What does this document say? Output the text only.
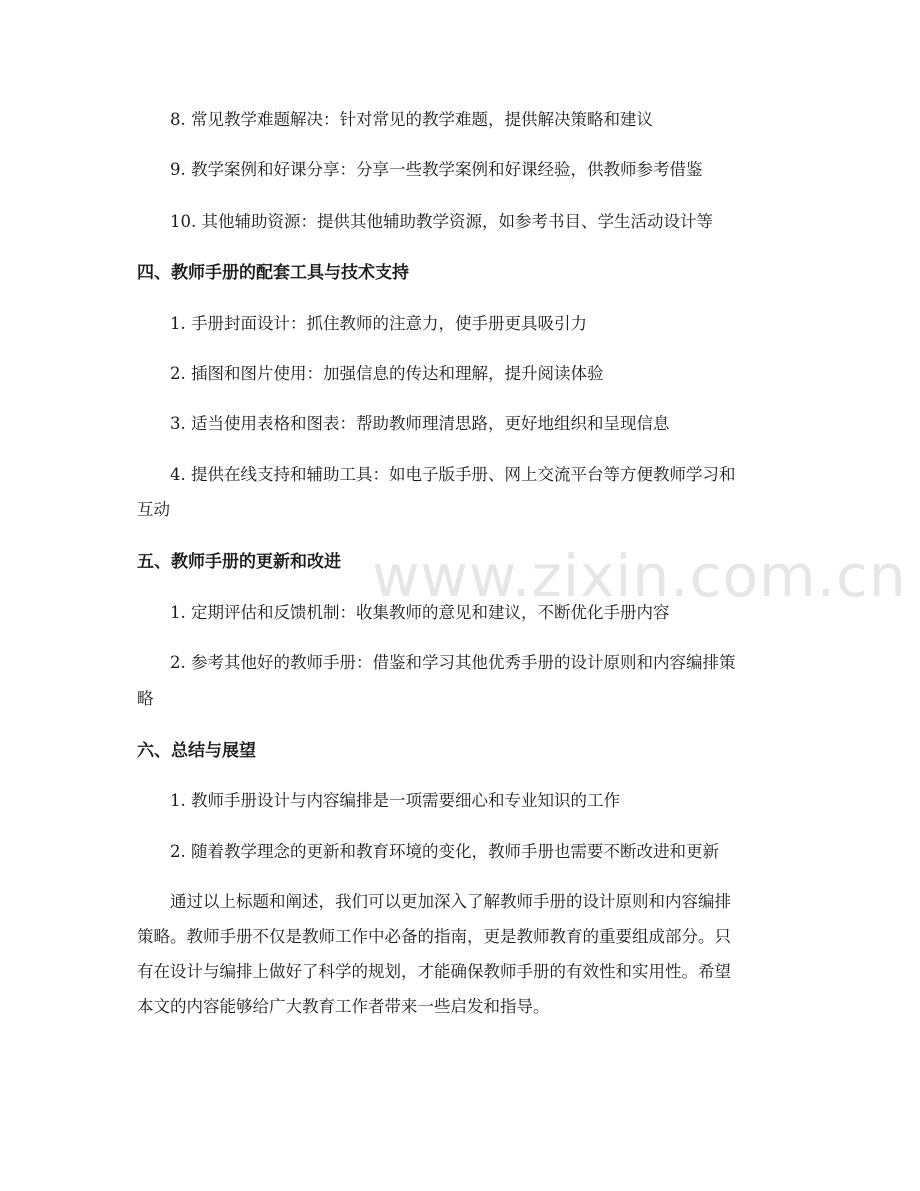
8. 常见教学难题解决：针对常见的教学难题，提供解决策略和建议
9. 教学案例和好课分享：分享一些教学案例和好课经验，供教师参考借鉴
10. 其他辅助资源：提供其他辅助教学资源，如参考书目、学生活动设计等
四、教师手册的配套工具与技术支持
1. 手册封面设计：抓住教师的注意力，使手册更具吸引力
2. 插图和图片使用：加强信息的传达和理解，提升阅读体验
3. 适当使用表格和图表：帮助教师理清思路，更好地组织和呈现信息
4. 提供在线支持和辅助工具：如电子版手册、网上交流平台等方便教师学习和
互动
五、教师手册的更新和改进
1. 定期评估和反馈机制：收集教师的意见和建议，不断优化手册内容
2. 参考其他好的教师手册：借鉴和学习其他优秀手册的设计原则和内容编排策
略
六、总结与展望
1. 教师手册设计与内容编排是一项需要细心和专业知识的工作
2. 随着教学理念的更新和教育环境的变化，教师手册也需要不断改进和更新
通过以上标题和阐述，我们可以更加深入了解教师手册的设计原则和内容编排
策略。教师手册不仅是教师工作中必备的指南，更是教师教育的重要组成部分。只
有在设计与编排上做好了科学的规划，才能确保教师手册的有效性和实用性。希望
本文的内容能够给广大教育工作者带来一些启发和指导。
www.zixin.com.cn
